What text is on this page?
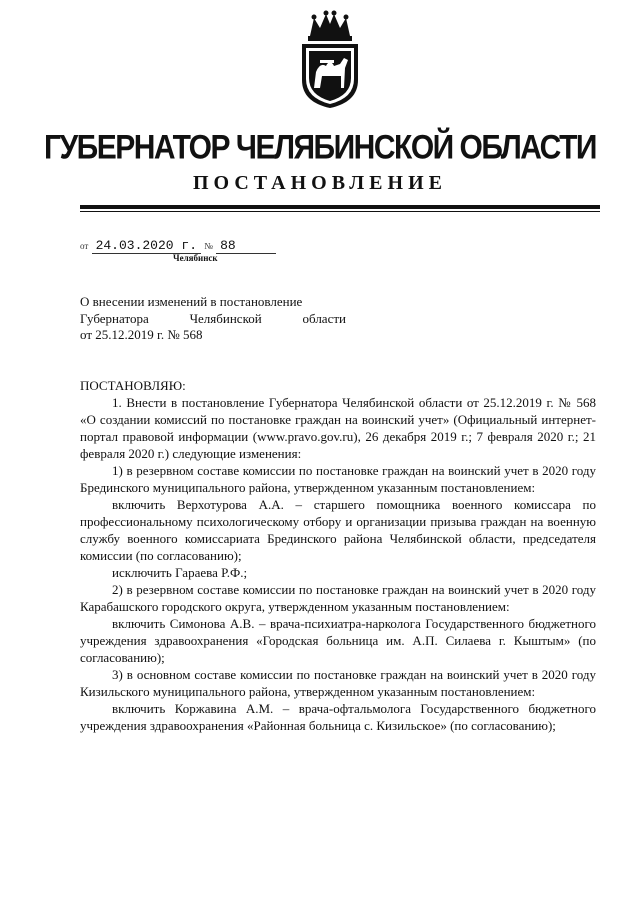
ГУБЕРНАТОР ЧЕЛЯБИНСКОЙ ОБЛАСТИ
ПОСТАНОВЛЕНИЕ
от 24.03.2020 г. № 88
Челябинск
О внесении изменений в постановление
Губернатора Челябинской области
от 25.12.2019 г. № 568

ПОСТАНОВЛЯЮ:

1. Внести в постановление Губернатора Челябинской области от 25.12.2019 г. № 568 «О создании комиссий по постановке граждан на воинский учет» (Официальный интернет-портал правовой информации (www.pravo.gov.ru), 26 декабря 2019 г.; 7 февраля 2020 г.; 21 февраля 2020 г.) следующие изменения:

1) в резервном составе комиссии по постановке граждан на воинский учет в 2020 году Брединского муниципального района, утвержденном указанным постановлением:

включить Верхотурова А.А. – старшего помощника военного комиссара по профессиональному психологическому отбору и организации призыва граждан на военную службу военного комиссариата Брединского района Челябинской области, председателя комиссии (по согласованию);

исключить Гараева Р.Ф.;

2) в резервном составе комиссии по постановке граждан на воинский учет в 2020 году Карабашского городского округа, утвержденном указанным постановлением:

включить Симонова А.В. – врача-психиатра-нарколога Государственного бюджетного учреждения здравоохранения «Городская больница им. А.П. Силаева г. Кыштым» (по согласованию);

3) в основном составе комиссии по постановке граждан на воинский учет в 2020 году Кизильского муниципального района, утвержденном указанным постановлением:

включить Коржавина А.М. – врача-офтальмолога Государственного бюджетного учреждения здравоохранения «Районная больница с. Кизильское» (по согласованию);
